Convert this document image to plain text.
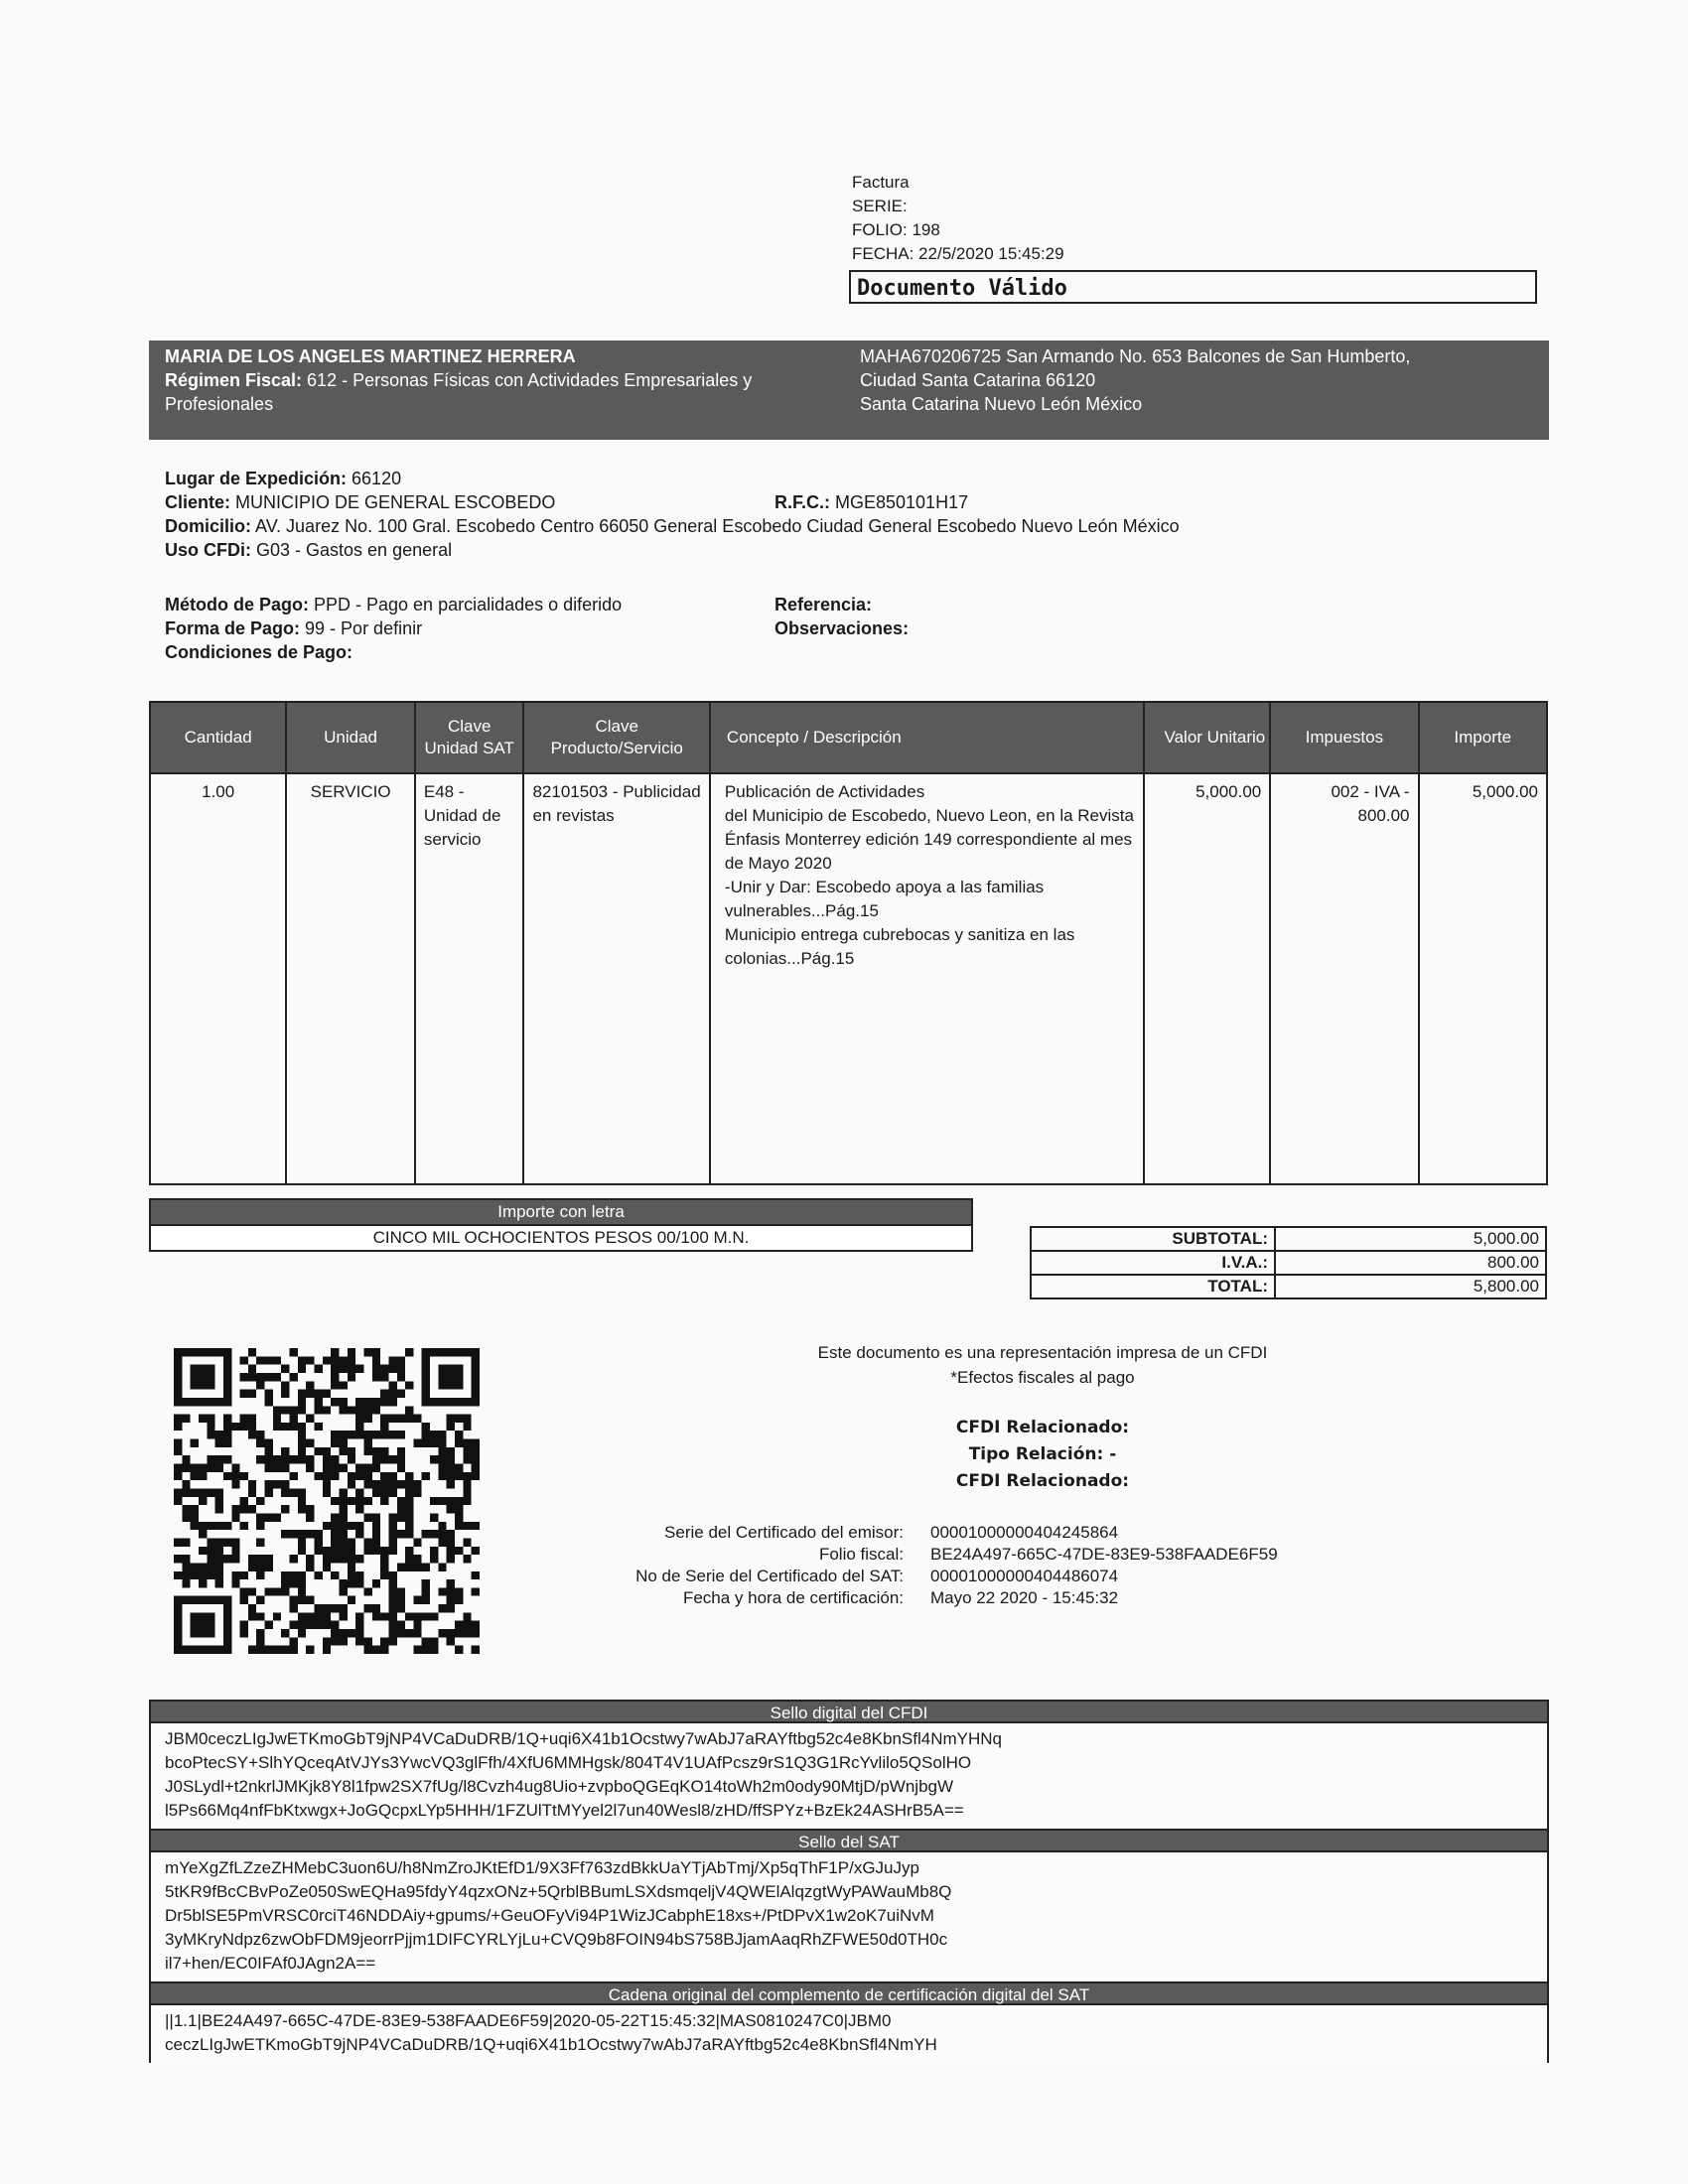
Factura
SERIE:
FOLIO: 198
FECHA: 22/5/2020 15:45:29
Documento Válido
MARIA DE LOS ANGELES MARTINEZ HERRERA
Régimen Fiscal: 612 - Personas Físicas con Actividades Empresariales y
Profesionales
MAHA670206725 San Armando No. 653 Balcones de San Humberto,
Ciudad Santa Catarina 66120
Santa Catarina Nuevo León México
Lugar de Expedición: 66120
Cliente: MUNICIPIO DE GENERAL ESCOBEDO
Domicilio: AV. Juarez No. 100 Gral. Escobedo Centro 66050 General Escobedo Ciudad General Escobedo Nuevo León México
Uso CFDi: G03 - Gastos en general
R.F.C.: MGE850101H17
Método de Pago: PPD - Pago en parcialidades o diferido
Forma de Pago: 99 - Por definir
Condiciones de Pago:
Referencia:
Observaciones:
Cantidad	Unidad	Clave Unidad SAT	Clave Producto/Servicio	Concepto / Descripción	Valor Unitario	Impuestos	Importe
1.00	SERVICIO	E48 - Unidad de servicio	82101503 - Publicidad en revistas	Publicación de Actividades
del Municipio de Escobedo, Nuevo Leon, en la Revista Énfasis Monterrey edición 149 correspondiente al mes de Mayo 2020
-Unir y Dar: Escobedo apoya a las familias vulnerables...Pág.15
Municipio entrega cubrebocas y sanitiza en las colonias...Pág.15	5,000.00	002 - IVA - 800.00	5,000.00
Importe con letra
CINCO MIL OCHOCIENTOS PESOS 00/100 M.N.	SUBTOTAL:	5,000.00
I.V.A.:	800.00
TOTAL:	5,800.00
Este documento es una representación impresa de un CFDI
*Efectos fiscales al pago
CFDI Relacionado:
Tipo Relación: -
CFDI Relacionado:
Serie del Certificado del emisor: 00001000000404245864
Folio fiscal: BE24A497-665C-47DE-83E9-538FAADE6F59
No de Serie del Certificado del SAT: 00001000000404486074
Fecha y hora de certificación: Mayo 22 2020 - 15:45:32
Sello digital del CFDI
JBM0ceczLIgJwETKmoGbT9jNP4VCaDuDRB/1Q+uqi6X41b1Ocstwy7wAbJ7aRAYftbg52c4e8KbnSfl4NmYHNq
bcoPtecSY+SlhYQceqAtVJYs3YwcVQ3glFfh/4XfU6MMHgsk/804T4V1UAfPcsz9rS1Q3G1RcYvlilo5QSolHO
J0SLydl+t2nkrlJMKjk8Y8l1fpw2SX7fUg/l8Cvzh4ug8Uio+zvpboQGEqKO14toWh2m0ody90MtjD/pWnjbgW
l5Ps66Mq4nfFbKtxwgx+JoGQcpxLYp5HHH/1FZUlTtMYyel2l7un40Wesl8/zHD/ffSPYz+BzEk24ASHrB5A==
Sello del SAT
mYeXgZfLZzeZHMebC3uon6U/h8NmZroJKtEfD1/9X3Ff763zdBkkUaYTjAbTmj/Xp5qThF1P/xGJuJyp
5tKR9fBcCBvPoZe050SwEQHa95fdyY4qzxONz+5QrblBBumLSXdsmqeljV4QWElAlqzgtWyPAWauMb8Q
Dr5blSE5PmVRSC0rciT46NDDAiy+gpums/+GeuOFyVi94P1WizJCabphE18xs+/PtDPvX1w2oK7uiNvM
3yMKryNdpz6zwObFDM9jeorrPjjm1DIFCYRLYjLu+CVQ9b8FOIN94bS758BJjamAaqRhZFWE50d0TH0c
il7+hen/EC0IFAf0JAgn2A==
Cadena original del complemento de certificación digital del SAT
||1.1|BE24A497-665C-47DE-83E9-538FAADE6F59|2020-05-22T15:45:32|MAS0810247C0|JBM0
ceczLIgJwETKmoGbT9jNP4VCaDuDRB/1Q+uqi6X41b1Ocstwy7wAbJ7aRAYftbg52c4e8KbnSfl4NmYH
